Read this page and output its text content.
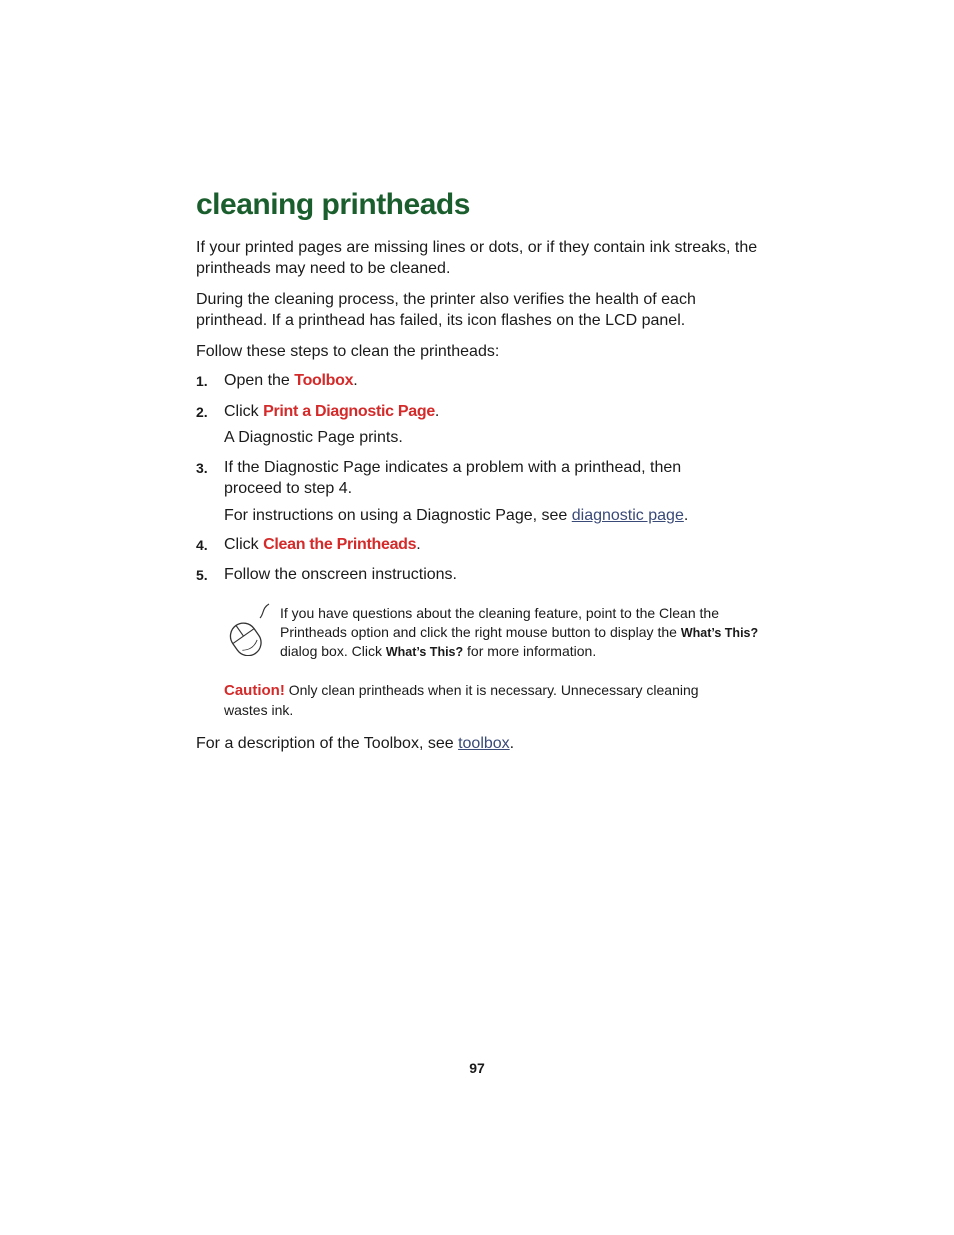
cleaning printheads

If your printed pages are missing lines or dots, or if they contain ink streaks, the printheads may need to be cleaned.

During the cleaning process, the printer also verifies the health of each printhead. If a printhead has failed, its icon flashes on the LCD panel.

Follow these steps to clean the printheads:

1. Open the Toolbox.
2. Click Print a Diagnostic Page.
A Diagnostic Page prints.
3. If the Diagnostic Page indicates a problem with a printhead, then proceed to step 4.
For instructions on using a Diagnostic Page, see diagnostic page.
4. Click Clean the Printheads.
5. Follow the onscreen instructions.
If you have questions about the cleaning feature, point to the Clean the Printheads option and click the right mouse button to display the What’s This? dialog box. Click What’s This? for more information.
Caution! Only clean printheads when it is necessary. Unnecessary cleaning wastes ink.

For a description of the Toolbox, see toolbox.

97
